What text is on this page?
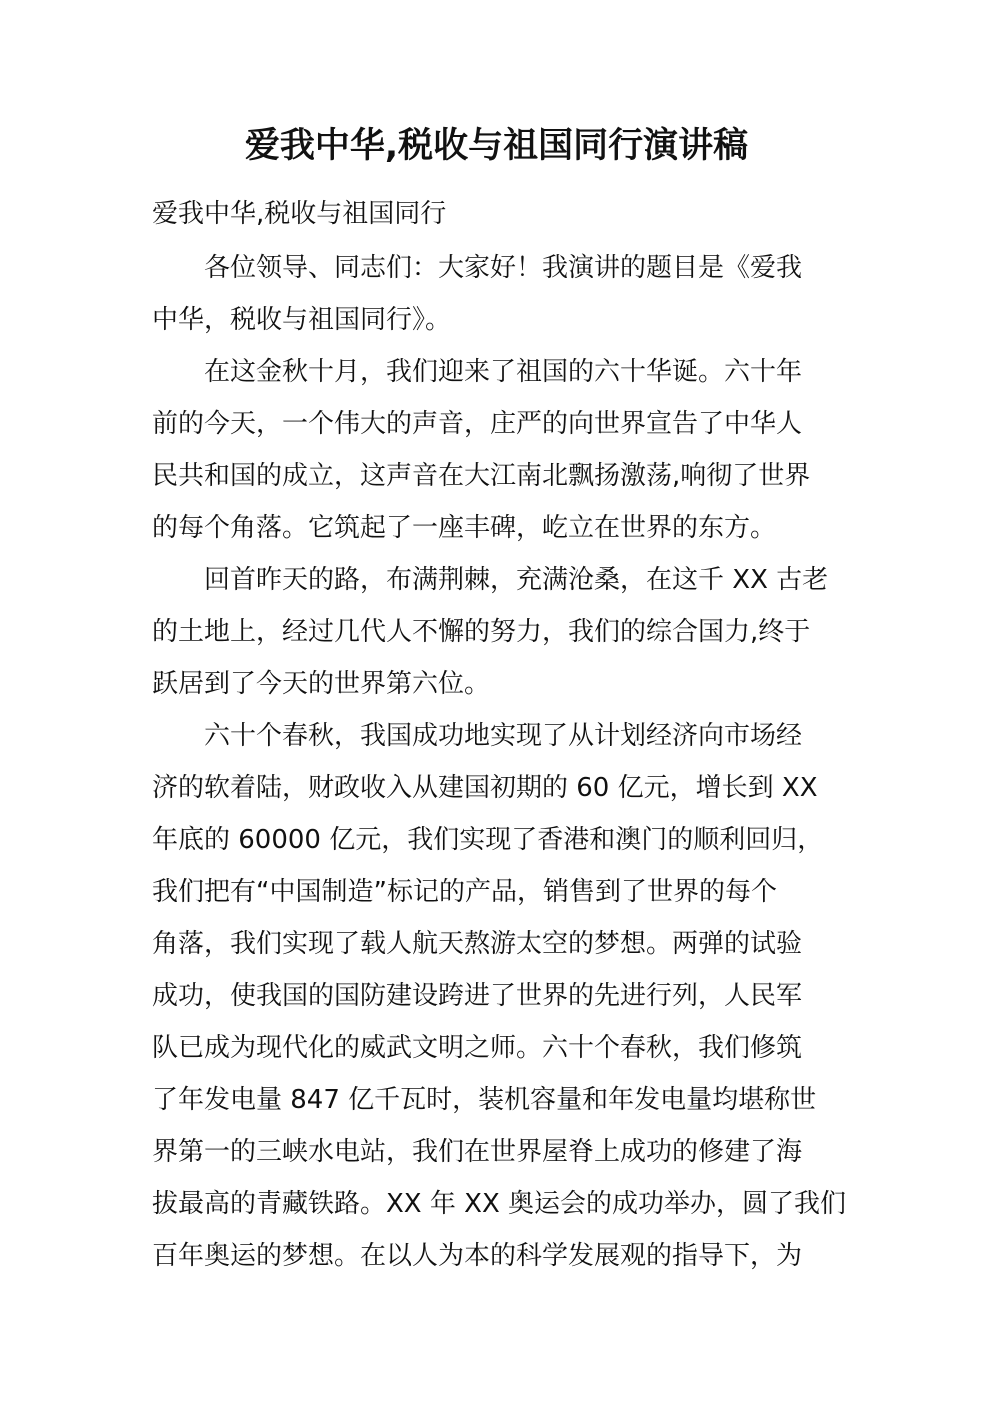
爱我中华,税收与祖国同行演讲稿
爱我中华,税收与祖国同行
各位领导、同志们：大家好！我演讲的题目是《爱我
中华，税收与祖国同行》。
在这金秋十月，我们迎来了祖国的六十华诞。六十年
前的今天，一个伟大的声音，庄严的向世界宣告了中华人
民共和国的成立，这声音在大江南北飘扬激荡,响彻了世界
的每个角落。它筑起了一座丰碑，屹立在世界的东方。
回首昨天的路，布满荆棘，充满沧桑，在这千 XX 古老
的土地上，经过几代人不懈的努力，我们的综合国力,终于
跃居到了今天的世界第六位。
六十个春秋，我国成功地实现了从计划经济向市场经
济的软着陆，财政收入从建国初期的 60 亿元，增长到 XX
年底的 60000 亿元，我们实现了香港和澳门的顺利回归，
我们把有“中国制造”标记的产品，销售到了世界的每个
角落，我们实现了载人航天熬游太空的梦想。两弹的试验
成功，使我国的国防建设跨进了世界的先进行列，人民军
队已成为现代化的威武文明之师。六十个春秋，我们修筑
了年发电量 847 亿千瓦时，装机容量和年发电量均堪称世
界第一的三峡水电站，我们在世界屋脊上成功的修建了海
拔最高的青藏铁路。XX 年 XX 奥运会的成功举办，圆了我们
百年奥运的梦想。在以人为本的科学发展观的指导下，为
